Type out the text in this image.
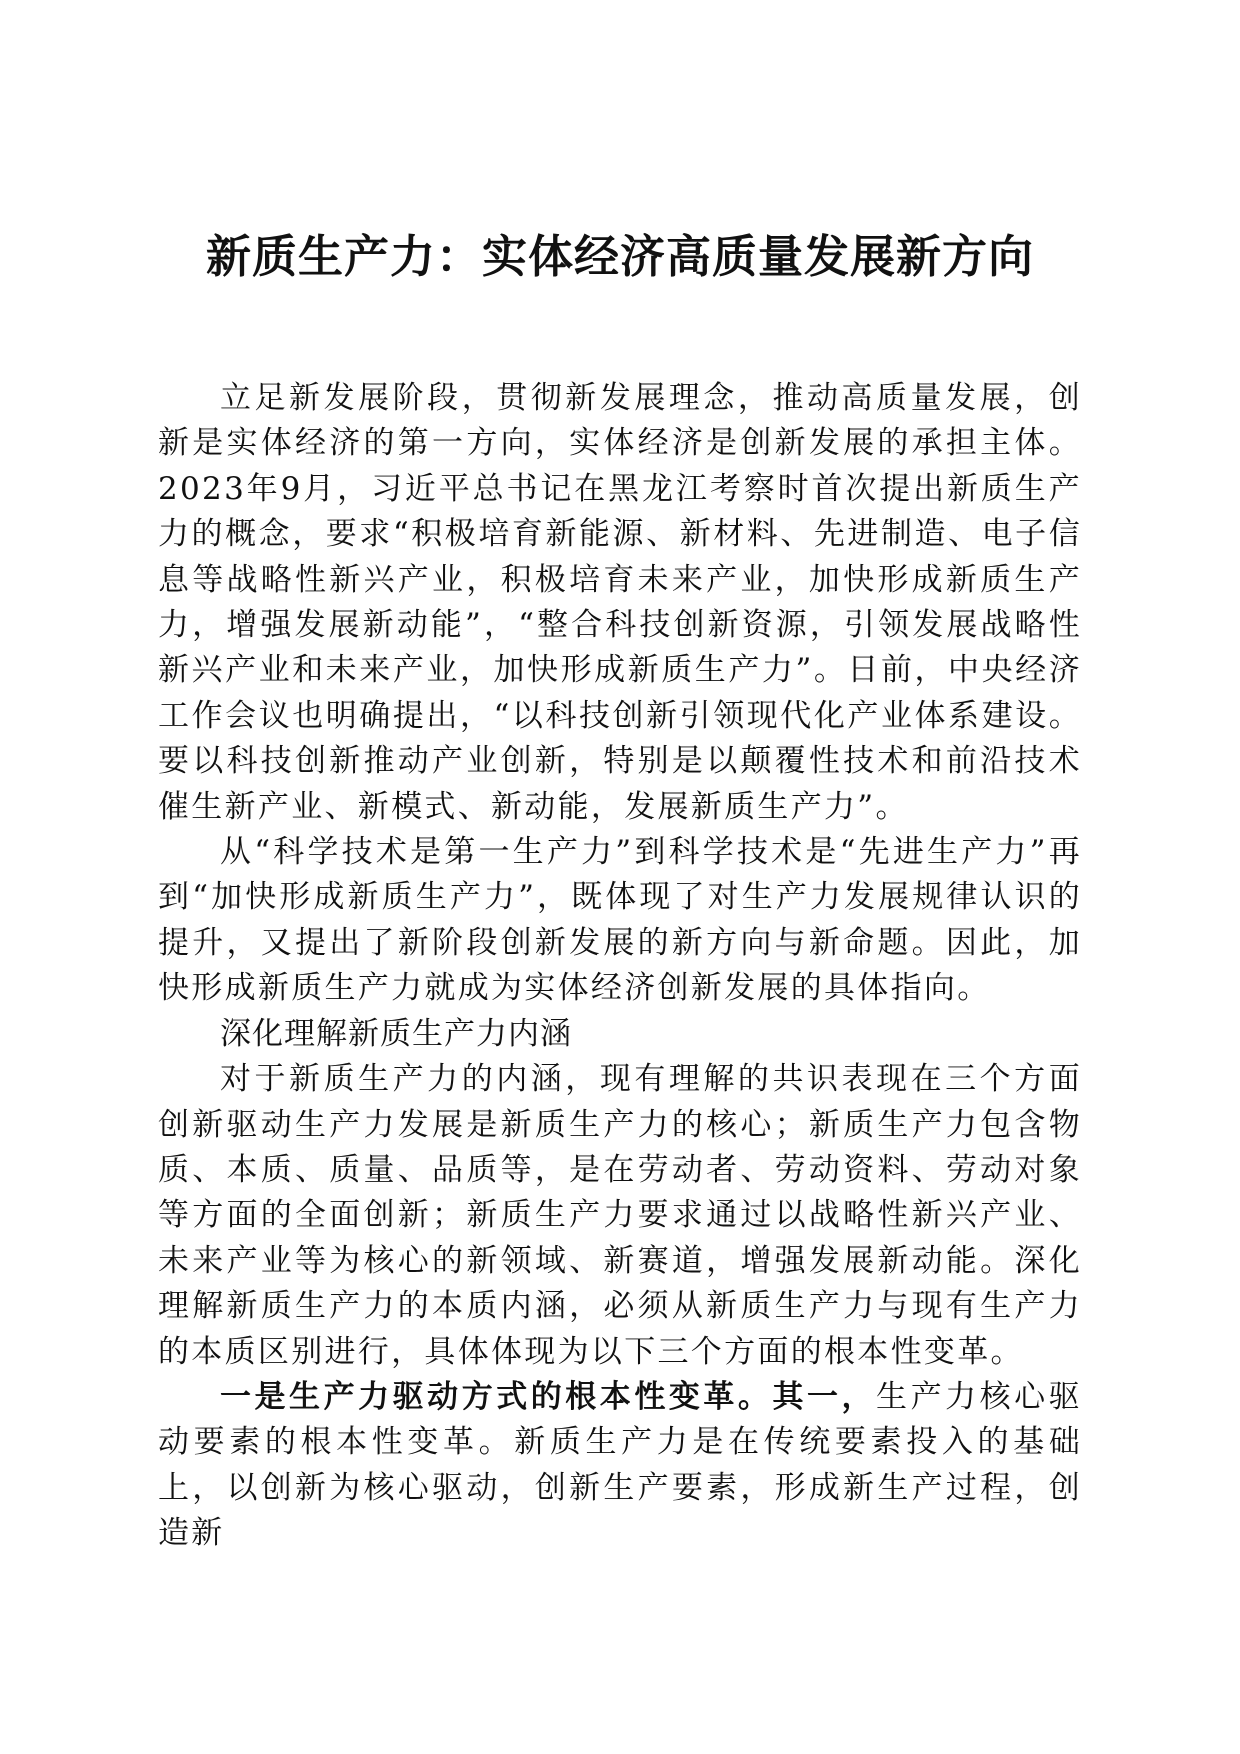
新质生产力：实体经济高质量发展新方向

立足新发展阶段，贯彻新发展理念，推动高质量发展，创新是实体经济的第一方向，实体经济是创新发展的承担主体。2023年9月，习近平总书记在黑龙江考察时首次提出新质生产力的概念，要求“积极培育新能源、新材料、先进制造、电子信息等战略性新兴产业，积极培育未来产业，加快形成新质生产力，增强发展新动能”，“整合科技创新资源，引领发展战略性新兴产业和未来产业，加快形成新质生产力”。日前，中央经济工作会议也明确提出，“以科技创新引领现代化产业体系建设。要以科技创新推动产业创新，特别是以颠覆性技术和前沿技术催生新产业、新模式、新动能，发展新质生产力”。

从“科学技术是第一生产力”到科学技术是“先进生产力”再到“加快形成新质生产力”，既体现了对生产力发展规律认识的提升，又提出了新阶段创新发展的新方向与新命题。因此，加快形成新质生产力就成为实体经济创新发展的具体指向。

深化理解新质生产力内涵

对于新质生产力的内涵，现有理解的共识表现在三个方面创新驱动生产力发展是新质生产力的核心；新质生产力包含物质、本质、质量、品质等，是在劳动者、劳动资料、劳动对象等方面的全面创新；新质生产力要求通过以战略性新兴产业、未来产业等为核心的新领域、新赛道，增强发展新动能。深化理解新质生产力的本质内涵，必须从新质生产力与现有生产力的本质区别进行，具体体现为以下三个方面的根本性变革。

一是生产力驱动方式的根本性变革。其一，生产力核心驱动要素的根本性变革。新质生产力是在传统要素投入的基础上，以创新为核心驱动，创新生产要素，形成新生产过程，创造新
